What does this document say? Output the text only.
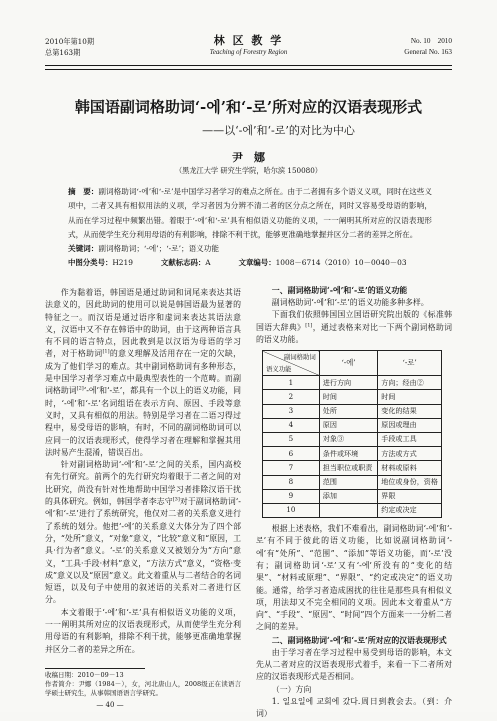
2010年第10期
总第163期
林 区 教 学
Teaching of Forestry Region
No. 10　2010
General No. 163
韩国语副词格助词‘-에’和‘-로’所对应的汉语表现形式
——以‘-에’和‘-로’的对比为中心
尹　娜
（黑龙江大学 研究生学院，哈尔滨 150080）
摘　要：副词格助词‘-에’和‘-로’是中国学习者学习的难点之所在。由于二者拥有多个语义义项，同时在这些义项中，二者又具有相似用法的义项，学习者因为分辨不清二者的区分点之所在，同时又容易受母语的影响，从而在学习过程中频繁出错。着眼于‘-에’和‘-로’具有相似语义功能的义项，一一阐明其所对应的汉语表现形式，从而使学生充分利用母语的有利影响，排除不利干扰，能够更准确地掌握并区分二者的差异之所在。
关键词：副词格助词；‘-에’；‘-로’；语义功能
中图分类号：H219	文献标志码：A	文章编号：1008－6714（2010）10－0040－03

作为黏着语，韩国语是通过助词和词尾来表达其语法意义的，因此助词的使用可以说是韩国语最为显著的特征之一。而汉语是通过语序和虚词来表达其语法意义，汉语中又不存在韩语中的助词，由于这两种语言具有不同的语言特点，因此教到是以汉语为母语的学习者，对于格助词[1]的意义理解及活用存在一定的欠缺，成为了他们学习的难点。其中副词格助词有多种形态，是中国学习者学习难点中最典型表性的一个范畴。而副词格助词[2]‘-에’和‘-로’，都具有一个以上的语义功能，同时，‘-에’和‘-로’名词组语在表示方向、原因、手段等意义时，又具有相似的用法。特别是学习者在二语习得过程中，易受母语的影响，有时，不同的副词格助词可以应同一的汉语表现形式，使得学习者在理解和掌握其用法时易产生混淆，错误百出。

针对副词格助词‘-에’和‘-로’之间的关系，国内高校有先行研究。前两个的先行研究均着眼于二者之间的对比研究，尚没有针对性地帮助中国学习者排除汉语干扰的具体研究。例如，韩国学者李志守[3]对于副词格助词‘-에’和‘-로’进行了系统研究，他仅对二者的关系意义进行了系统的划分。他把‘-에’的关系意义大体分为了四个部分，“处所”意义，“对象”意义，“比较”意义和“原因，工具·行为者”意义。‘-로’的关系意义又被划分为“方向”意义，“工具·手段·材料”意义，“方法方式”意义，“资格·变成”意义以及“原因”意义。此文着重从与二者结合的名词短语，以及句子中使用的叙述语的关系对二者进行区分。

本文着眼于‘-에’和‘-로’具有相似语义功能的义项，一一阐明其所对应的汉语表现形式，从而使学生充分利用母语的有利影响，排除不利干扰，能够更准确地掌握并区分二者的差异之所在。

收稿日期：2010－09－13
作者简介：尹娜（1984－），女，河北唐山人，2008级正在读语言学硕士研究生，从事韩国语语言学研究。
— 40 —

一、副词格助词‘-에’和‘-로’的语义功能

副词格助词‘-에’和‘-로’的语义功能多种多样。

下面我们依照韩国国立国语研究院出版的《标准韩国语大辞典》[1]，通过表格来对比一下两个副词格助词的语义功能。

副词格助词
语义功能	‘-에’	‘-로’
1	进行方向	方向；经由②
2	时间	时间
3	处所	变化的结果
4	原因	原因或理由
5	对象③	手段或工具
6	条件或环境	方法或方式
7	担当职位或职责	材料或原料
8	范围	地位或身份，资格
9	添加	界限
10		约定或决定

根据上述表格，我们不难看出，副词格助词‘-에’和‘-로’有不同于彼此的语义功能，比如说副词格助词‘-에’有“处所”、“范围”、“添加”等语义功能，而‘-로’没有；副词格助词‘-로’又有‘-에’所没有的“变化的结果”、“材料或原理”、“界限”、“约定或决定”的语义功能。通常，给学习者造成困扰的往往是那些具有相似义项，用法却又不完全相同的义项。因此本文着重从“方向”、“手段”、“原因”、“时间”四个方面来一一分析二者之间的差异。

二、副词格助词‘-에’和‘-로’所对应的汉语表现形式

由于学习者在学习过程中易受到母语的影响，本文先从二者对应的汉语表现形式着手，来看一下二者所对应的汉语表现形式是否相同。

（一）方向

1. 일요일에 교회에 갔다.周日到教会去。（到：介词）
